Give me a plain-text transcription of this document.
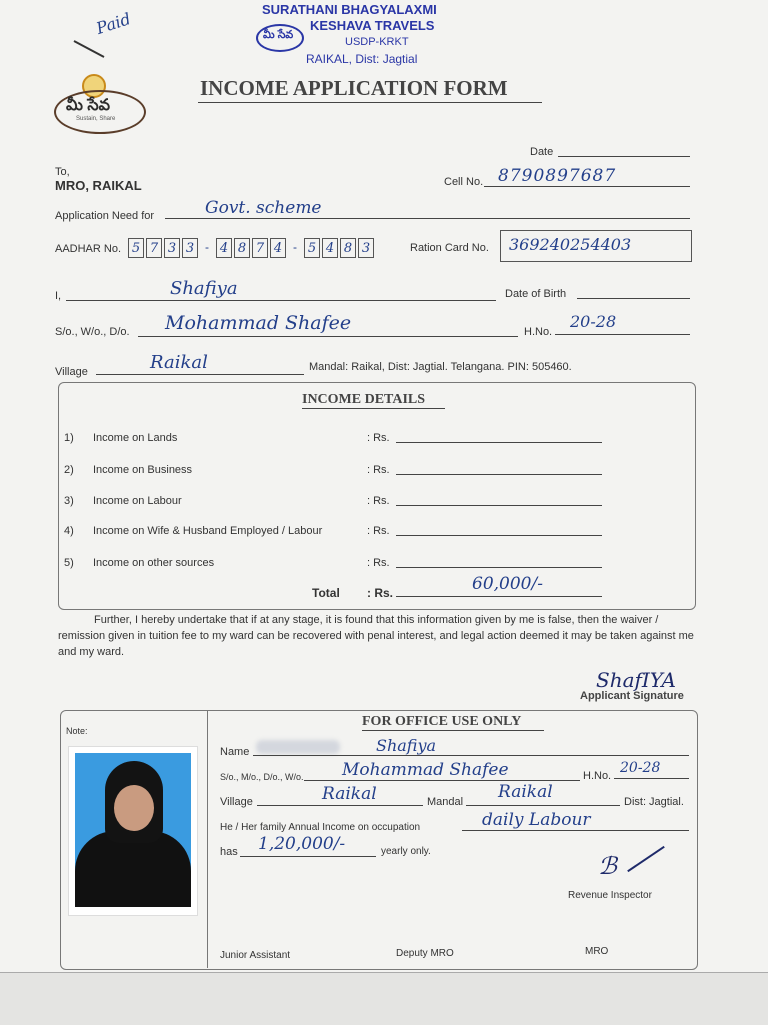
SURATHANI BHAGYALAXMI
మీ సేవ
KESHAVA TRAVELS
USDP-KRKT
RAIKAL, Dist: Jagtial
Paid
మీ సేవ
Sustain, Share
INCOME APPLICATION FORM
Date
To,
MRO, RAIKAL	Cell No. 8790897687
Application Need for	Govt. scheme
AADHAR No. 5 7 3 3 - 4 8 7 4 - 5 4 8 3	Ration Card No. 369240254403
I,	Shafiya	Date of Birth
S/o., W/o., D/o. Mohammad Shafee	H.No.
20-28
Village	Raikal	Mandal: Raikal, Dist: Jagtial. Telangana. PIN: 505460.
INCOME DETAILS
1) Income on Lands	: Rs.
2) Income on Business	: Rs.
3) Income on Labour	: Rs.
4) Income on Wife & Husband Employed / Labour	: Rs.
5) Income on other sources	: Rs.
Total : Rs.	60,000/-
Further, I hereby undertake that if at any stage, it is found that this information given by me is false, then the waiver / remission given in tuition fee to my ward can be recovered with penal interest, and legal action deemed it may be taken against me and my ward.
ShafIYA
Applicant Signature
Note:
FOR OFFICE USE ONLY
Name	Shafiya
S/o., M/o., D/o., W/o. Mohammad Shafee	H.No. 20-28
Village	Raikal	Mandal Raikal	Dist: Jagtial.
He / Her family Annual Income on occupation	daily Labour
has 1,20,000/-	yearly only.
ℬ
Revenue Inspector
Junior Assistant	Deputy MRO	MRO
